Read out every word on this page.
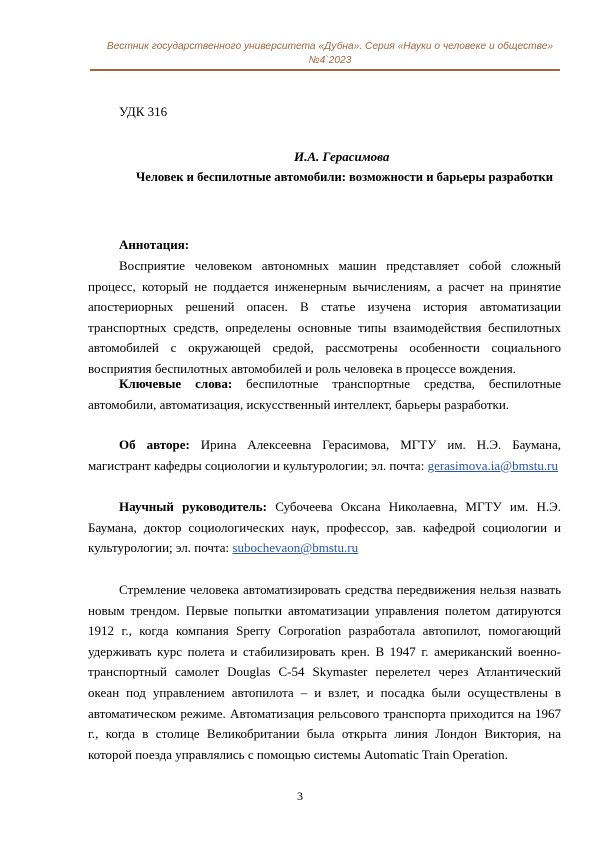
Вестник государственного университета «Дубна». Серия «Науки о человеке и обществе»
№4`2023
УДК 316
И.А. Герасимова
Человек и беспилотные автомобили: возможности и барьеры разработки
Аннотация:
Восприятие человеком автономных машин представляет собой сложный процесс, который не поддается инженерным вычислениям, а расчет на принятие апостериорных решений опасен. В статье изучена история автоматизации транспортных средств, определены основные типы взаимодействия беспилотных автомобилей с окружающей средой, рассмотрены особенности социального восприятия беспилотных автомобилей и роль человека в процессе вождения.
Ключевые слова: беспилотные транспортные средства, беспилотные автомобили, автоматизация, искусственный интеллект, барьеры разработки.
Об авторе: Ирина Алексеевна Герасимова, МГТУ им. Н.Э. Баумана, магистрант кафедры социологии и культурологии; эл. почта: gerasimova.ia@bmstu.ru
Научный руководитель: Субочеева Оксана Николаевна, МГТУ им. Н.Э. Баумана, доктор социологических наук, профессор, зав. кафедрой социологии и культурологии; эл. почта: subochevaon@bmstu.ru
Стремление человека автоматизировать средства передвижения нельзя назвать новым трендом. Первые попытки автоматизации управления полетом датируются 1912 г., когда компания Sperry Corporation разработала автопилот, помогающий удерживать курс полета и стабилизировать крен. В 1947 г. американский военно-транспортный самолет Douglas C-54 Skymaster перелетел через Атлантический океан под управлением автопилота – и взлет, и посадка были осуществлены в автоматическом режиме. Автоматизация рельсового транспорта приходится на 1967 г., когда в столице Великобритании была открыта линия Лондон Виктория, на которой поезда управлялись с помощью системы Automatic Train Operation.
3
